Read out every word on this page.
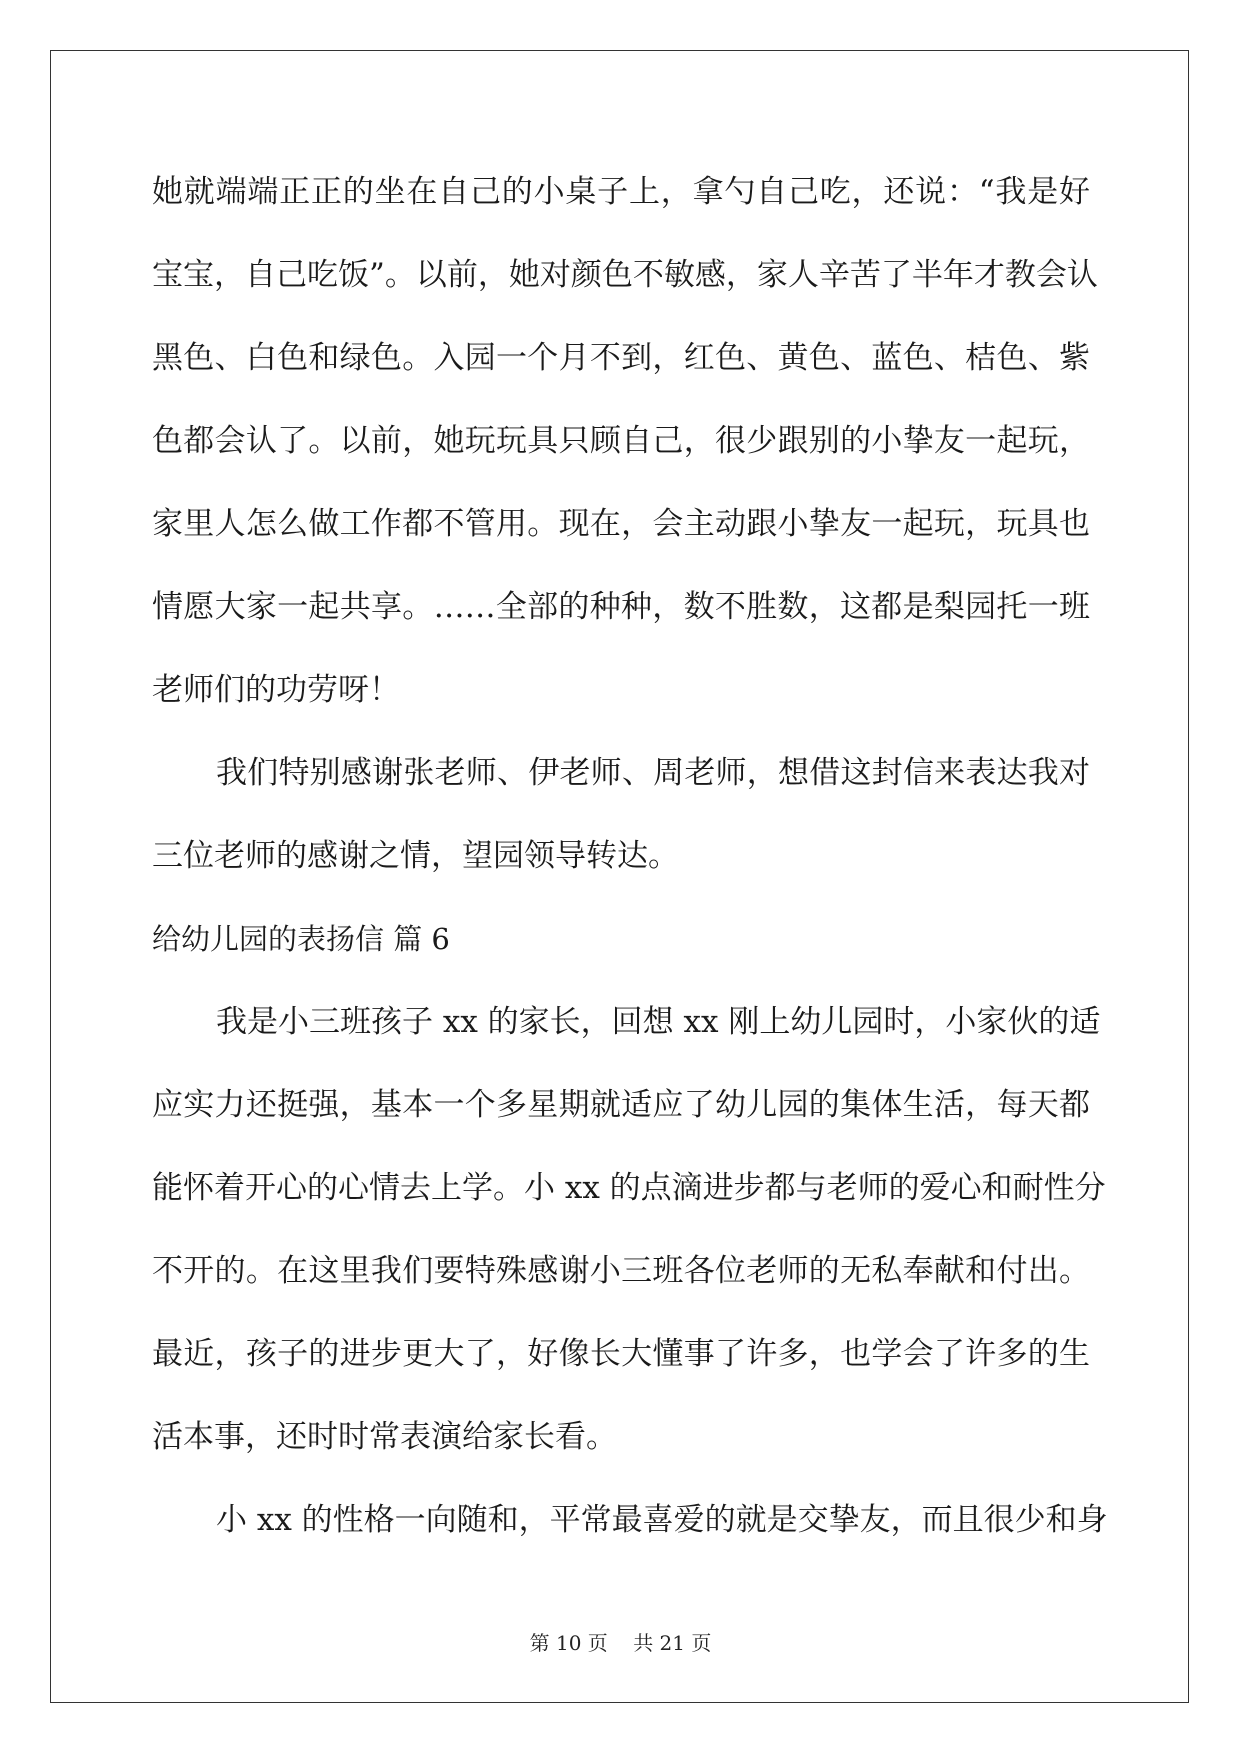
她就端端正正的坐在自己的小桌子上，拿勺自己吃，还说：“我是好
宝宝，自己吃饭”。以前，她对颜色不敏感，家人辛苦了半年才教会认
黑色、白色和绿色。入园一个月不到，红色、黄色、蓝色、桔色、紫
色都会认了。以前，她玩玩具只顾自己，很少跟别的小挚友一起玩，
家里人怎么做工作都不管用。现在，会主动跟小挚友一起玩，玩具也
情愿大家一起共享。……全部的种种，数不胜数，这都是梨园托一班
老师们的功劳呀！
我们特别感谢张老师、伊老师、周老师，想借这封信来表达我对
三位老师的感谢之情，望园领导转达。
给幼儿园的表扬信 篇 6
我是小三班孩子 xx 的家长，回想 xx 刚上幼儿园时，小家伙的适
应实力还挺强，基本一个多星期就适应了幼儿园的集体生活，每天都
能怀着开心的心情去上学。小 xx 的点滴进步都与老师的爱心和耐性分
不开的。在这里我们要特殊感谢小三班各位老师的无私奉献和付出。
最近，孩子的进步更大了，好像长大懂事了许多，也学会了许多的生
活本事，还时时常表演给家长看。
小 xx 的性格一向随和，平常最喜爱的就是交挚友，而且很少和身
第 10 页    共 21 页
